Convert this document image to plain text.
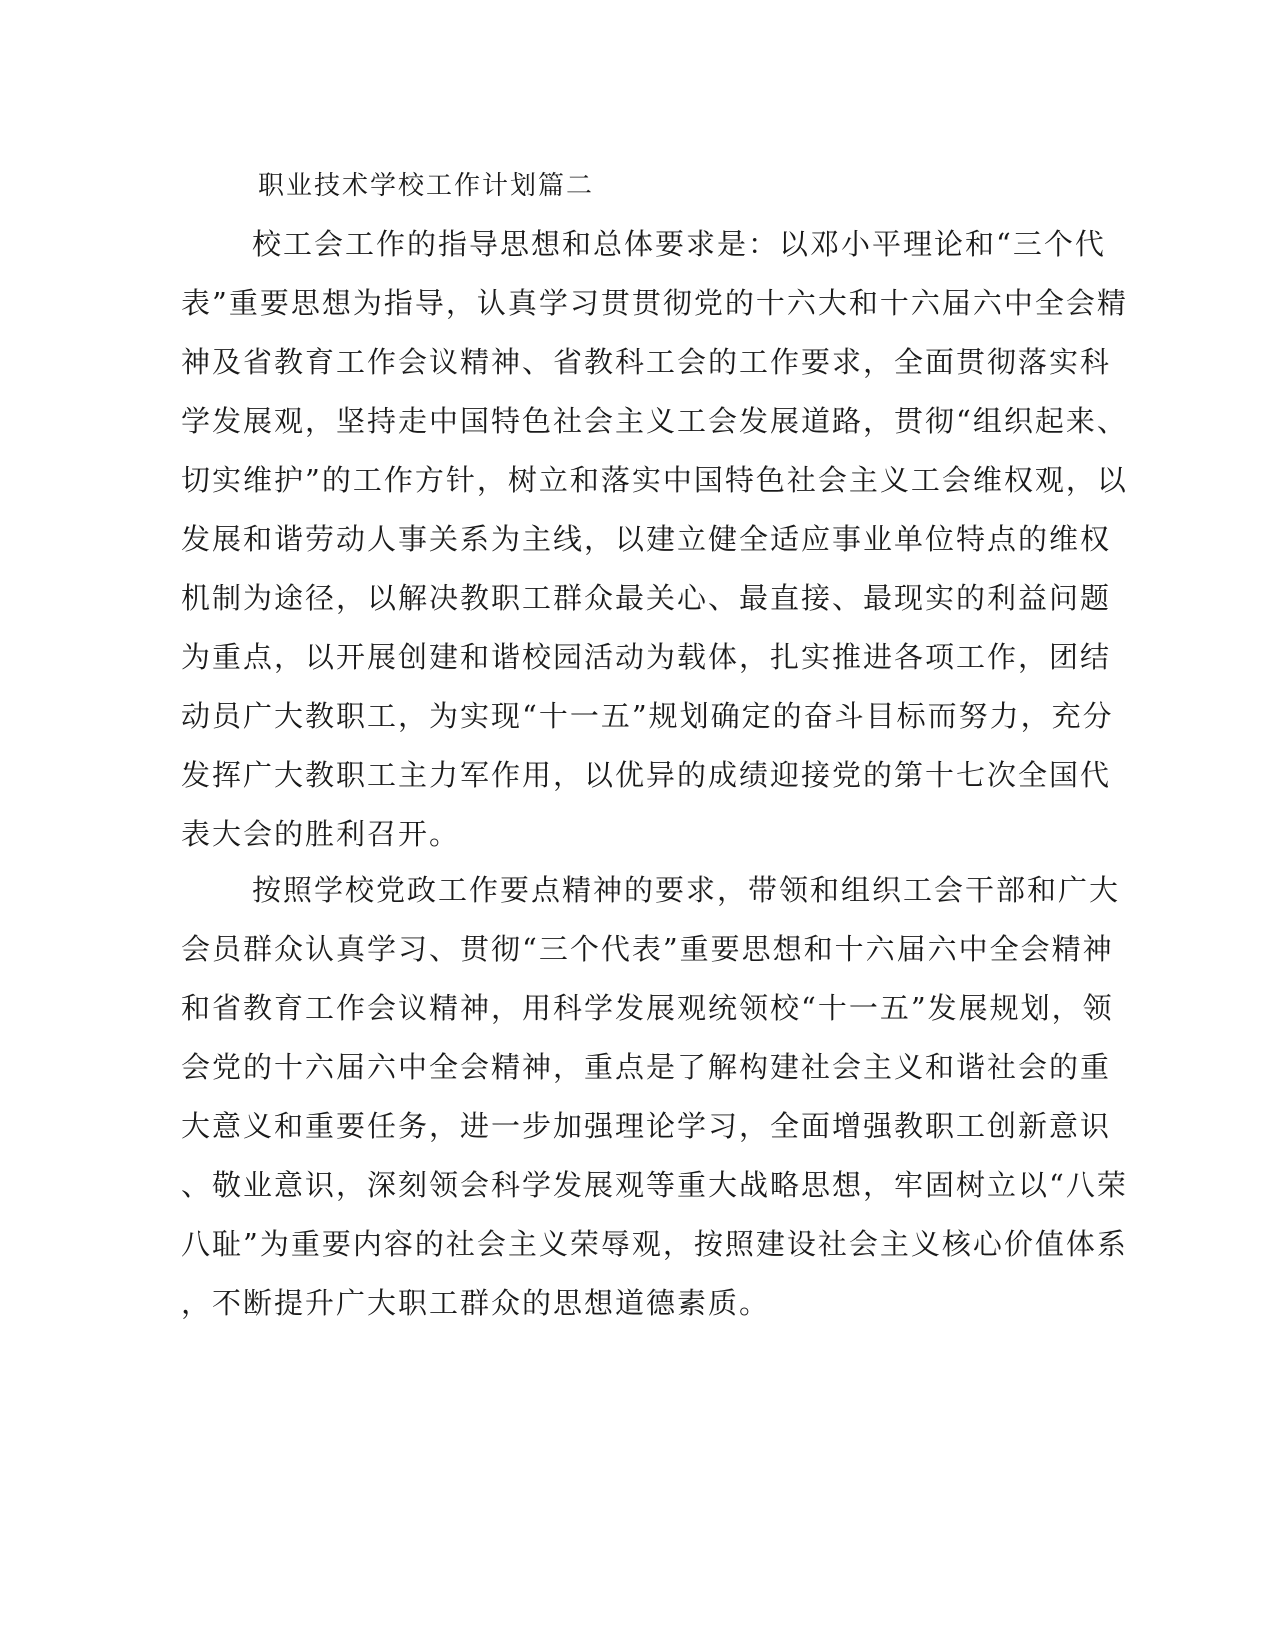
职业技术学校工作计划篇二
校工会工作的指导思想和总体要求是：以邓小平理论和“三个代
表”重要思想为指导，认真学习贯贯彻党的十六大和十六届六中全会精
神及省教育工作会议精神、省教科工会的工作要求，全面贯彻落实科
学发展观，坚持走中国特色社会主义工会发展道路，贯彻“组织起来、
切实维护”的工作方针，树立和落实中国特色社会主义工会维权观，以
发展和谐劳动人事关系为主线，以建立健全适应事业单位特点的维权
机制为途径，以解决教职工群众最关心、最直接、最现实的利益问题
为重点，以开展创建和谐校园活动为载体，扎实推进各项工作，团结
动员广大教职工，为实现“十一五”规划确定的奋斗目标而努力，充分
发挥广大教职工主力军作用，以优异的成绩迎接党的第十七次全国代
表大会的胜利召开。
按照学校党政工作要点精神的要求，带领和组织工会干部和广大
会员群众认真学习、贯彻“三个代表”重要思想和十六届六中全会精神
和省教育工作会议精神，用科学发展观统领校“十一五”发展规划，领
会党的十六届六中全会精神，重点是了解构建社会主义和谐社会的重
大意义和重要任务，进一步加强理论学习，全面增强教职工创新意识
、敬业意识，深刻领会科学发展观等重大战略思想，牢固树立以“八荣
八耻”为重要内容的社会主义荣辱观，按照建设社会主义核心价值体系
，不断提升广大职工群众的思想道德素质。
